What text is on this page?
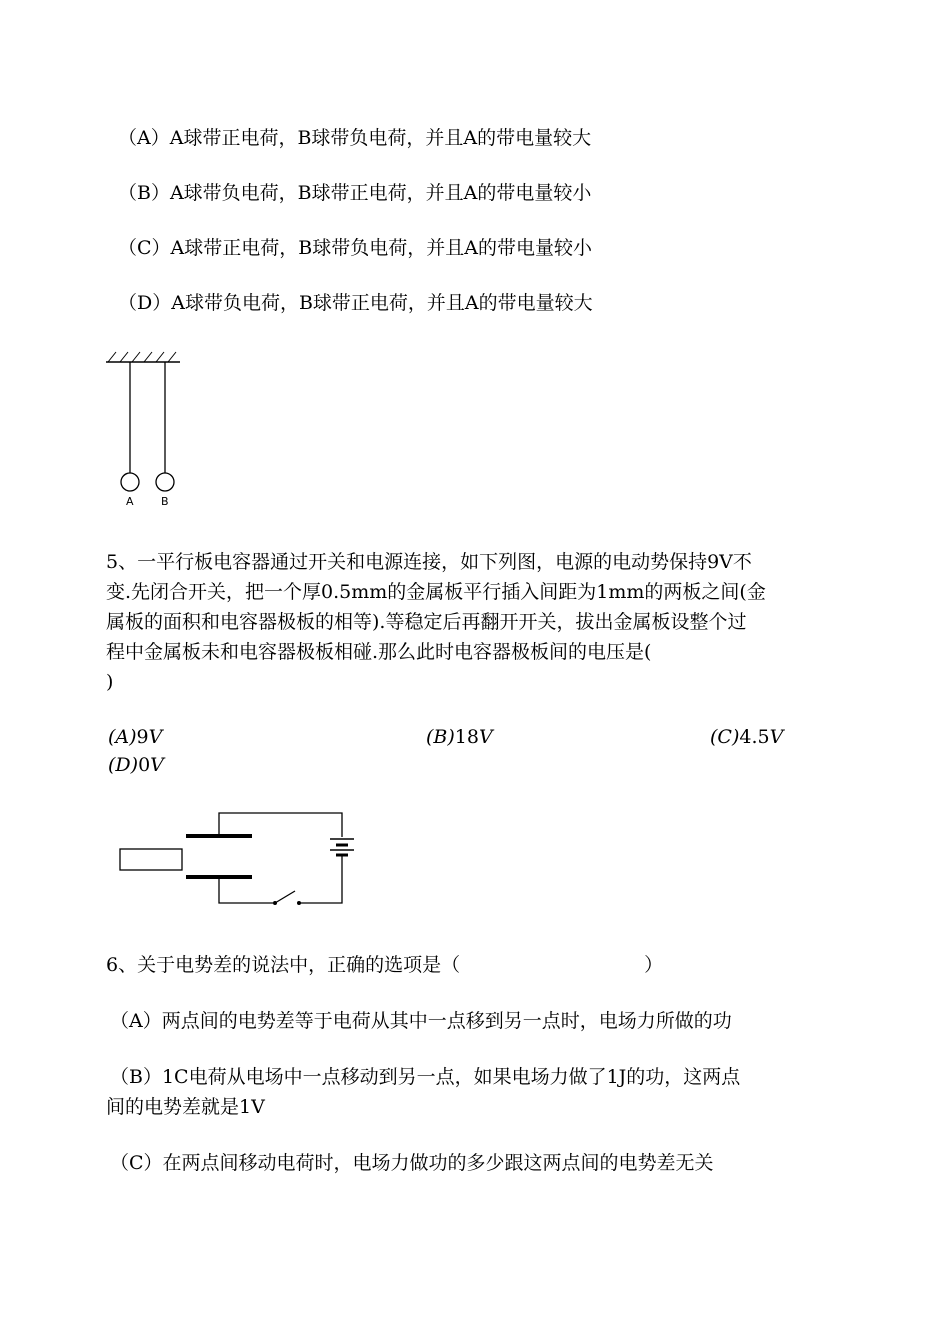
（A）A球带正电荷，B球带负电荷，并且A的带电量较大
（B）A球带负电荷，B球带正电荷，并且A的带电量较小
（C）A球带正电荷，B球带负电荷，并且A的带电量较小
（D）A球带负电荷，B球带正电荷，并且A的带电量较大
A B
5、一平行板电容器通过开关和电源连接，如下列图，电源的电动势保持9V不
变.先闭合开关，把一个厚0.5mm的金属板平行插入间距为1mm的两板之间(金
属板的面积和电容器极板的相等).等稳定后再翻开开关，拔出金属板设整个过
程中金属板未和电容器极板相碰.那么此时电容器极板间的电压是(
)
(A)9V	(B)18V	(C)4.5V
(D)0V
6、关于电势差的说法中，正确的选项是（	）
（A）两点间的电势差等于电荷从其中一点移到另一点时，电场力所做的功
（B）1C电荷从电场中一点移动到另一点，如果电场力做了1J的功，这两点
间的电势差就是1V
（C）在两点间移动电荷时，电场力做功的多少跟这两点间的电势差无关
